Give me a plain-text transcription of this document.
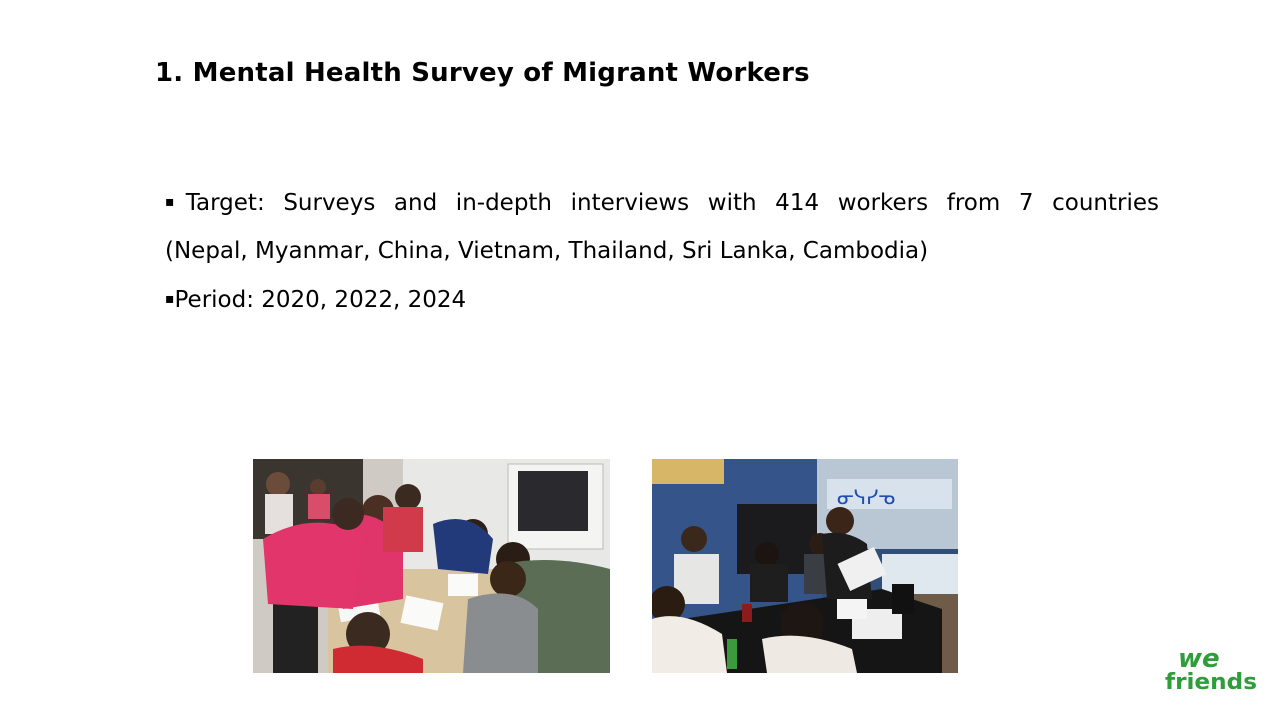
1. Mental Health Survey of Migrant Workers
▪Target: Surveys and in-depth interviews with 414 workers from 7 countries
(Nepal, Myanmar, China, Vietnam, Thailand, Sri Lanka, Cambodia)
▪Period: 2020, 2022, 2024
ᓂᓭᓯᓀ
we
friends
